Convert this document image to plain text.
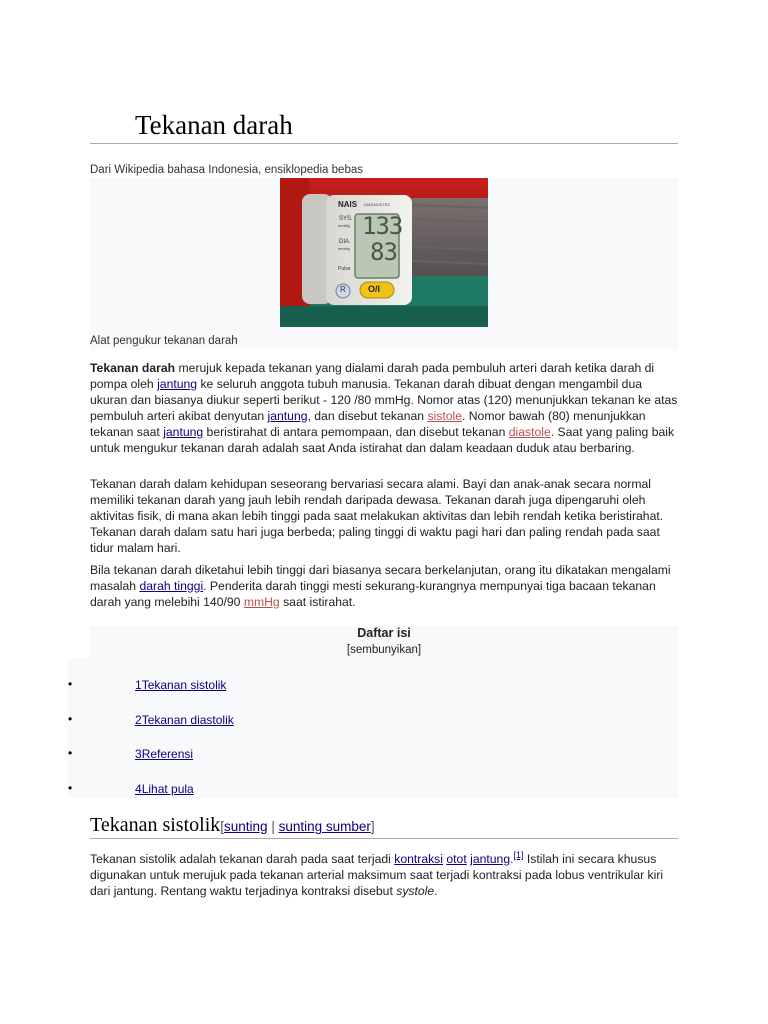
Tekanan darah
Dari Wikipedia bahasa Indonesia, ensiklopedia bebas
NAIS DIAGNOSTEC
SYS.
mmHg
DIA.
mmHg
Pulse
133
83
R O/I
Alat pengukur tekanan darah

Tekanan darah merujuk kepada tekanan yang dialami darah pada pembuluh arteri darah ketika darah di pompa oleh jantung ke seluruh anggota tubuh manusia. Tekanan darah dibuat dengan mengambil dua ukuran dan biasanya diukur seperti berikut - 120 /80 mmHg. Nomor atas (120) menunjukkan tekanan ke atas pembuluh arteri akibat denyutan jantung, dan disebut tekanan sistole. Nomor bawah (80) menunjukkan tekanan saat jantung beristirahat di antara pemompaan, dan disebut tekanan diastole. Saat yang paling baik untuk mengukur tekanan darah adalah saat Anda istirahat dan dalam keadaan duduk atau berbaring.

Tekanan darah dalam kehidupan seseorang bervariasi secara alami. Bayi dan anak-anak secara normal memiliki tekanan darah yang jauh lebih rendah daripada dewasa. Tekanan darah juga dipengaruhi oleh aktivitas fisik, di mana akan lebih tinggi pada saat melakukan aktivitas dan lebih rendah ketika beristirahat. Tekanan darah dalam satu hari juga berbeda; paling tinggi di waktu pagi hari dan paling rendah pada saat tidur malam hari.

Bila tekanan darah diketahui lebih tinggi dari biasanya secara berkelanjutan, orang itu dikatakan mengalami masalah darah tinggi. Penderita darah tinggi mesti sekurang-kurangnya mempunyai tiga bacaan tekanan darah yang melebihi 140/90 mmHg saat istirahat.

Daftar isi
[sembunyikan]
•	1Tekanan sistolik
•	2Tekanan diastolik
•	3Referensi
•	4Lihat pula
Tekanan sistolik[sunting | sunting sumber]

Tekanan sistolik adalah tekanan darah pada saat terjadi kontraksi otot jantung.[1] Istilah ini secara khusus digunakan untuk merujuk pada tekanan arterial maksimum saat terjadi kontraksi pada lobus ventrikular kiri dari jantung. Rentang waktu terjadinya kontraksi disebut systole.
